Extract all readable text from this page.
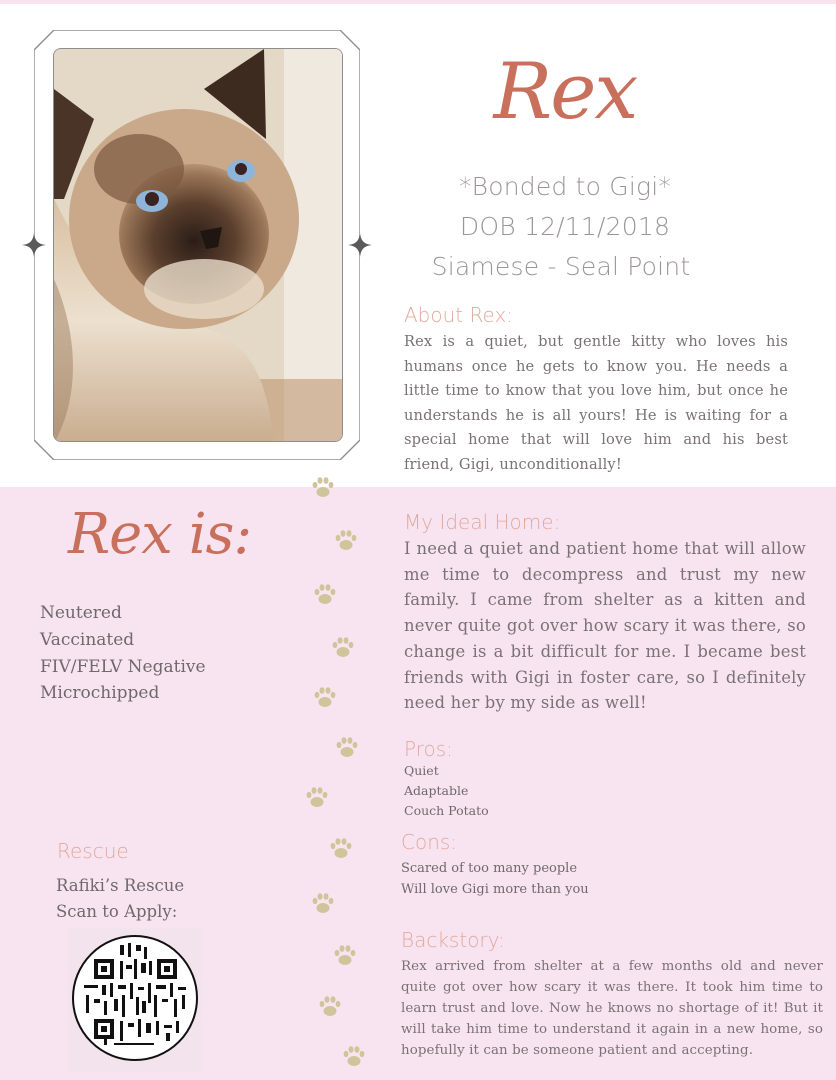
Rex
*Bonded to Gigi*
DOB 12/11/2018
Siamese - Seal Point
About Rex:

Rex is a quiet, but gentle kitty who loves his humans once he gets to know you. He needs a little time to know that you love him, but once he understands he is all yours! He is waiting for a special home that will love him and his best friend, Gigi, unconditionally!

Rex is:
Neutered
Vaccinated
FIV/FELV Negative
Microchipped
My Ideal Home:

I need a quiet and patient home that will allow me time to decompress and trust my new family. I came from shelter as a kitten and never quite got over how scary it was there, so change is a bit difficult for me. I became best friends with Gigi in foster care, so I definitely need her by my side as well!

Pros:
Quiet
Adaptable
Couch Potato
Cons:
Scared of too many people
Will love Gigi more than you
Backstory:

Rex arrived from shelter at a few months old and never quite got over how scary it was there. It took him time to learn trust and love. Now he knows no shortage of it! But it will take him time to understand it again in a new home, so hopefully it can be someone patient and accepting.

Rescue
Rafiki’s Rescue
Scan to Apply:
